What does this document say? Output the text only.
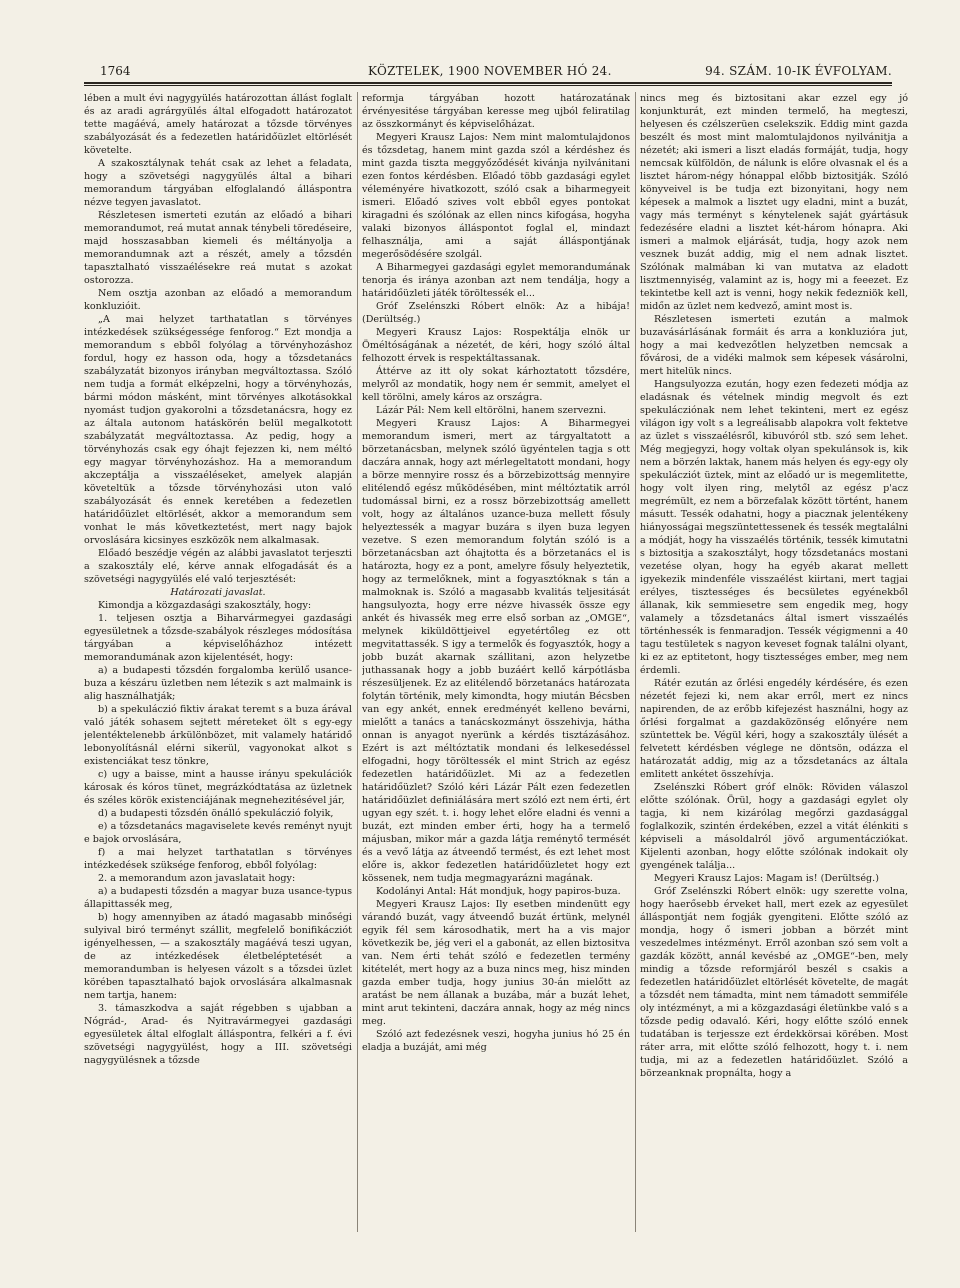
1764	KÖZTELEK, 1900 NOVEMBER HÓ 24.	94. SZÁM. 10-IK ÉVFOLYAM.

lében a mult évi nagygyülés határozottan állást foglalt és az aradi agrárgyülés által elfogadott határozatot tette magáévá, amely határozat a tőzsde törvényes szabályozását és a fedezetlen határidőüzlet eltörlését követelte.

A szakosztálynak tehát csak az lehet a feladata, hogy a szövetségi nagygyülés által a bihari memorandum tárgyában elfoglalandó álláspontra nézve tegyen javaslatot.

Részletesen ismerteti ezután az előadó a bihari memorandumot, reá mutat annak ténybeli töredéseire, majd hosszasabban kiemeli és méltányolja a memorandumnak azt a részét, amely a tőzsdén tapasztalható visszaélésekre reá mutat s azokat ostorozza.

Nem osztja azonban az előadó a memorandum konkluzióit.

„A mai helyzet tarthatatlan s törvényes intézkedések szükségessége fenforog.“ Ezt mondja a memorandum s ebből folyólag a törvényhozáshoz fordul, hogy ez hasson oda, hogy a tőzsdetanács szabályzatát bizonyos irányban megváltoztassa. Szóló nem tudja a formát elképzelni, hogy a törvényhozás, bármi módon másként, mint törvényes alkotásokkal nyomást tudjon gyakorolni a tőzsdetanácsra, hogy ez az általa autonom hatáskörén belül megalkotott szabályzatát megváltoztassa. Az pedig, hogy a törvényhozás csak egy óhajt fejezzen ki, nem méltó egy magyar törvényhozáshoz. Ha a memorandum akczeptálja a visszaéléseket, amelyek alapján követeltük a tőzsde törvényhozási uton való szabályozását és ennek keretében a fedezetlen határidőüzlet eltörlését, akkor a memorandum sem vonhat le más következtetést, mert nagy bajok orvoslására kicsinyes eszközök nem alkalmasak.

Előadó beszédje végén az alábbi javaslatot terjeszti a szakosztály elé, kérve annak elfogadását és a szövetségi nagygyülés elé való terjesztését:

Határozati javaslat.

Kimondja a közgazdasági szakosztály, hogy:

1. teljesen osztja a Biharvármegyei gazdasági egyesületnek a tőzsde-szabályok részleges módosítása tárgyában a képviselőházhoz intézett memorandumának azon kijelentését, hogy:

a) a budapesti tőzsdén forgalomba kerülő usance-buza a készáru üzletben nem létezik s azt malmaink is alig használhatják;

b) a spekuláczió fiktiv árakat teremt s a buza árával való játék sohasem sejtett méreteket ölt s egy-egy jelentéktelenebb árkülönbözet, mit valamely határidő lebonyolításnál elérni sikerül, vagyonokat alkot s existenciákat tesz tönkre,

c) ugy a baisse, mint a hausse irányu spekulációk károsak és kóros tünet, megrázkódtatása az üzletnek és széles körök existenciájának megnehezitésével jár,

d) a budapesti tőzsdén önálló spekuláczió folyik,

e) a tőzsdetanács magaviselete kevés reményt nyujt e bajok orvoslására,

f) a mai helyzet tarthatatlan s törvényes intézkedések szüksége fenforog, ebből folyólag:

2. a memorandum azon javaslatait hogy:

a) a budapesti tőzsdén a magyar buza usance-typus állapittassék meg,

b) hogy amennyiben az átadó magasabb minőségi sulyival biró terményt szállit, megfelelő bonifikácziót igényelhessen, — a szakosztály magáévá teszi ugyan, de az intézkedések életbeléptetését a memorandumban is helyesen vázolt s a tőzsdei üzlet körében tapasztalható bajok orvoslására alkalmasnak nem tartja, hanem:

3. támaszkodva a saját régebben s ujabban a Nógrád-, Arad- és Nyitravármegyei gazdasági egyesületek által elfoglalt álláspontra, felkéri a f. évi szövetségi nagygyülést, hogy a III. szövetségi nagygyülésnek a tőzsde

reformja tárgyában hozott határozatának érvényesitése tárgyában keresse meg ujból feliratilag az összkormányt és képviselőházat.

Megyeri Krausz Lajos: Nem mint malomtulajdonos és tőzsdetag, hanem mint gazda szól a kérdéshez és mint gazda tiszta meggyőződését kivánja nyilvánitani ezen fontos kérdésben. Előadó több gazdasági egylet véleményére hivatkozott, szóló csak a biharmegyeit ismeri. Előadó szives volt ebből egyes pontokat kiragadni és szólónak az ellen nincs kifogása, hogyha valaki bizonyos álláspontot foglal el, mindazt felhasználja, ami a saját álláspontjának megerősödésére szolgál.

A Biharmegyei gazdasági egylet memorandumának tenorja és iránya azonban azt nem tendálja, hogy a határidőüzleti játék töröltessék el...

Gróf Zselénszki Róbert elnök: Az a hibája! (Derültség.)

Megyeri Krausz Lajos: Rospektálja elnök ur Öméltóságának a nézetét, de kéri, hogy szóló által felhozott érvek is respektáltassanak.

Áttérve az itt oly sokat kárhoztatott tőzsdére, melyről az mondatik, hogy nem ér semmit, amelyet el kell törölni, amely káros az országra.

Lázár Pál: Nem kell eltörölni, hanem szervezni.

Megyeri Krausz Lajos: A Biharmegyei memorandum ismeri, mert az tárgyaltatott a börzetanácsban, melynek szóló ügyéntelen tagja s ott daczára annak, hogy azt mérlegeltatott mondani, hogy a börze mennyire rossz és a börzebizottság mennyire elitélendő egész működésében, mint méltóztatik arról tudomással birni, ez a rossz börzebizottság amellett volt, hogy az általános uzance-buza mellett fősuly helyeztessék a magyar buzára s ilyen buza legyen vezetve. S ezen memorandum folytán szóló is a börzetanácsban azt óhajtotta és a börzetanács el is határozta, hogy ez a pont, amelyre fősuly helyeztetik, hogy az termelőknek, mint a fogyasztóknak s tán a malmoknak is. Szóló a magasabb kvalitás teljesitását hangsulyozta, hogy erre nézve hivassék össze egy ankét és hivassék meg erre első sorban az „OMGE“, melynek kiküldöttjeivel egyetértőleg ez ott megvitattassék. S igy a termelők és fogyasztók, hogy a jobb buzát akarnak szállitani, azon helyzetbe juthassanak hogy a jobb buzáért kellő kárpótlásba részesüljenek. Ez az elitélendő börzetanács határozata folytán történik, mely kimondta, hogy miután Bécsben van egy ankét, ennek eredményét kelleno bevárni, mielőtt a tanács a tanácskozmányt összehivja, hátha onnan is anyagot nyerünk a kérdés tisztázásához. Ezért is azt méltóztatik mondani és lelkesedéssel elfogadni, hogy töröltessék el mint Strich az egész fedezetlen határidőüzlet. Mi az a fedezetlen határidőüzlet? Szóló kéri Lázár Pált ezen fedezetlen határidőüzlet definiálására mert szóló ezt nem érti, ért ugyan egy szét. t. i. hogy lehet előre eladni és venni a buzát, ezt minden ember érti, hogy ha a termelő májusban, mikor már a gazda látja reménytő termését és a vevő látja az átveendő termést, és ezt lehet most előre is, akkor fedezetlen határidőüzletet hogy ezt kössenek, nem tudja megmagyarázni magának.

Kodolányi Antal: Hát mondjuk, hogy papiros-buza.

Megyeri Krausz Lajos: Ily esetben mindenütt egy várandó buzát, vagy átveendő buzát értünk, melynél egyik fél sem károsodhatik, mert ha a vis major következik be, jég veri el a gabonát, az ellen biztositva van. Nem érti tehát szóló e fedezetlen termény kitételét, mert hogy az a buza nincs meg, hisz minden gazda ember tudja, hogy junius 30-án mielőtt az aratást be nem állanak a buzába, már a buzát lehet, mint arut tekinteni, daczára annak, hogy az még nincs meg.

Szóló azt fedezésnek veszi, hogyha junius hó 25 én eladja a buzáját, ami még

nincs meg és biztositani akar ezzel egy jó konjunkturát, ezt minden termelő, ha megteszi, helyesen és czélszerüen cselekszik. Eddig mint gazda beszélt és most mint malomtulajdonos nyilvánitja a nézetét; aki ismeri a liszt eladás formáját, tudja, hogy nemcsak külföldön, de nálunk is előre olvasnak el és a lisztet három-négy hónappal előbb biztositják. Szóló könyveivel is be tudja ezt bizonyitani, hogy nem képesek a malmok a lisztet ugy eladni, mint a buzát, vagy más terményt s kénytelenek saját gyártásuk fedezésére eladni a lisztet két-három hónapra. Aki ismeri a malmok eljárását, tudja, hogy azok nem vesznek buzát addig, mig el nem adnak lisztet. Szólónak malmában ki van mutatva az eladott lisztmennyiség, valamint az is, hogy mi a feeezet. Ez tekintetbe kell azt is venni, hogy nekik fedezniök kell, midőn az üzlet nem kedvező, amint most is.

Részletesen ismerteti ezután a malmok buzavásárlásának formáit és arra a konkluzióra jut, hogy a mai kedvezőtlen helyzetben nemcsak a fővárosi, de a vidéki malmok sem képesek vásárolni, mert hitelük nincs.

Hangsulyozza ezután, hogy ezen fedezeti módja az eladásnak és vételnek mindig megvolt és ezt spekulácziónak nem lehet tekinteni, mert ez egész világon igy volt s a legreálisabb alapokra volt fektetve az üzlet s visszaélésről, kibuvóról stb. szó sem lehet. Még megjegyzi, hogy voltak olyan spekulánsok is, kik nem a börzén laktak, hanem más helyen és egy-egy oly spekulácziót üztek, mint az előadó ur is megemlitette, hogy volt ilyen ring, melytől az egész p'acz megrémült, ez nem a börzefalak között történt, hanem másutt. Tessék odahatni, hogy a piacznak jelentékeny hiányosságai megszüntettessenek és tessék megtalálni a módját, hogy ha visszaélés történik, tessék kimutatni s biztositja a szakosztályt, hogy tőzsdetanács mostani vezetése olyan, hogy ha egyéb akarat mellett igyekezik mindenféle visszaélést kiirtani, mert tagjai erélyes, tisztességes és becsületes egyénekből állanak, kik semmiesetre sem engedik meg, hogy valamely a tőzsdetanács által ismert visszaélés történhessék is fenmaradjon. Tessék végigmenni a 40 tagu testületek s nagyon keveset fognak találni olyant, ki ez az eptitetont, hogy tisztességes ember, meg nem érdemli.

Rátér ezután az őrlési engedély kérdésére, és ezen nézetét fejezi ki, nem akar erről, mert ez nincs napirenden, de az erőbb kifejezést használni, hogy az őrlési forgalmat a gazdaközönség előnyére nem szüntettek be. Végül kéri, hogy a szakosztály ülését a felvetett kérdésben véglege ne döntsön, odázza el határozatát addig, mig az a tőzsdetanács az általa emlitett ankétet összehívja.

Zselénszki Róbert gróf elnök: Röviden válaszol előtte szólónak. Örül, hogy a gazdasági egylet oly tagja, ki nem kizárólag megőrzi gazdasággal foglalkozik, szintén érdekében, ezzel a vitát élénkiti s képviseli a másoldalról jövő argumentácziókat. Kijelenti azonban, hogy előtte szólónak indokait oly gyengének találja...

Megyeri Krausz Lajos: Magam is! (Derültség.)

Gróf Zselénszki Róbert elnök: ugy szerette volna, hogy haerősebb érveket hall, mert ezek az egyesület álláspontját nem fogják gyengiteni. Előtte szóló az mondja, hogy ő ismeri jobban a börzét mint veszedelmes intézményt. Erről azonban szó sem volt a gazdák között, annál kevésbé az „OMGE“-ben, mely mindig a tőzsde reformjáról beszél s csakis a fedezetlen határidőüzlet eltörlését követelte, de magát a tőzsdét nem támadta, mint nem támadott semmiféle oly intézményt, a mi a közgazdasági életünkbe való s a tőzsde pedig odavaló. Kéri, hogy előtte szóló ennek tudatában is terjessze ezt érdekkörsai körében. Most ráter arra, mit előtte szóló felhozott, hogy t. i. nem tudja, mi az a fedezetlen határidőüzlet. Szóló a börzeanknak propnálta, hogy a
